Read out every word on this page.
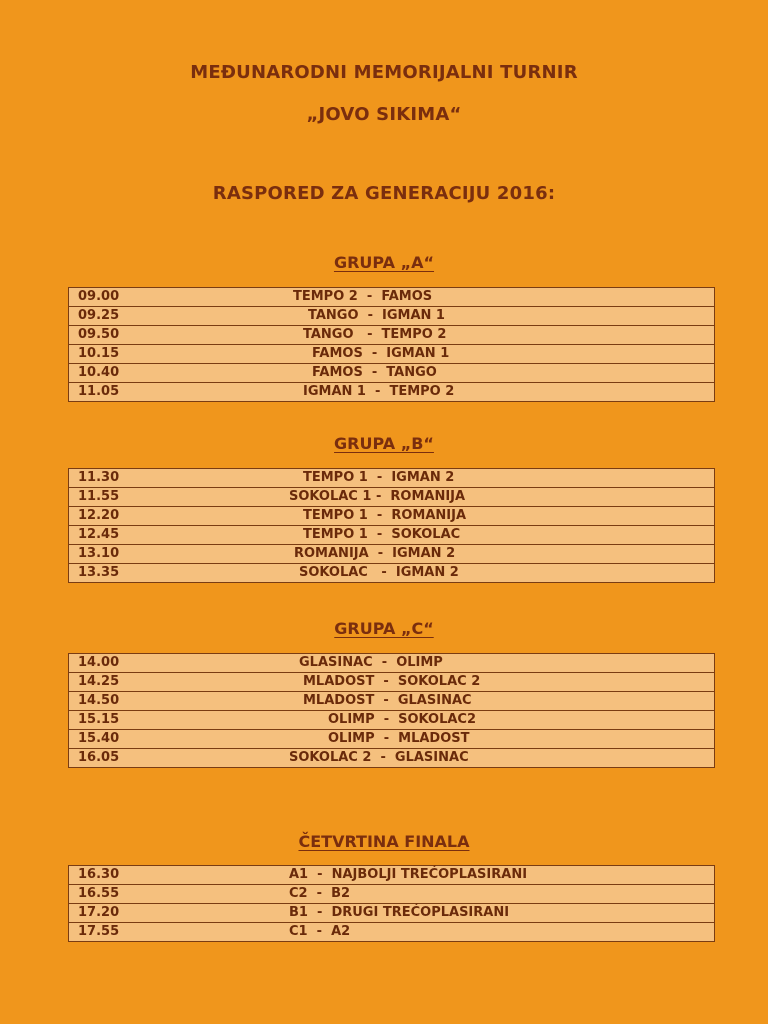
MEĐUNARODNI MEMORIJALNI TURNIR
„JOVO SIKIMA“
RASPORED ZA GENERACIJU 2016:
GRUPA „A“
09.00	TEMPO 2  -  FAMOS
09.25	TANGO  -  IGMAN 1
09.50	TANGO   -  TEMPO 2
10.15	FAMOS  -  IGMAN 1
10.40	FAMOS  -  TANGO
11.05	IGMAN 1  -  TEMPO 2
GRUPA „B“
11.30	TEMPO 1  -  IGMAN 2
11.55	SOKOLAC 1 -  ROMANIJA
12.20	TEMPO 1  -  ROMANIJA
12.45	TEMPO 1  -  SOKOLAC
13.10	ROMANIJA  -  IGMAN 2
13.35	SOKOLAC   -  IGMAN 2
GRUPA „C“
14.00	GLASINAC  -  OLIMP
14.25	MLADOST  -  SOKOLAC 2
14.50	MLADOST  -  GLASINAC
15.15	OLIMP  -  SOKOLAC2
15.40	OLIMP  -  MLADOST
16.05	SOKOLAC 2  -  GLASINAC
ČETVRTINA FINALA
16.30	A1  -  NAJBOLJI TREĆOPLASIRANI
16.55	C2  -  B2
17.20	B1  -  DRUGI TREĆOPLASIRANI
17.55	C1  -  A2
